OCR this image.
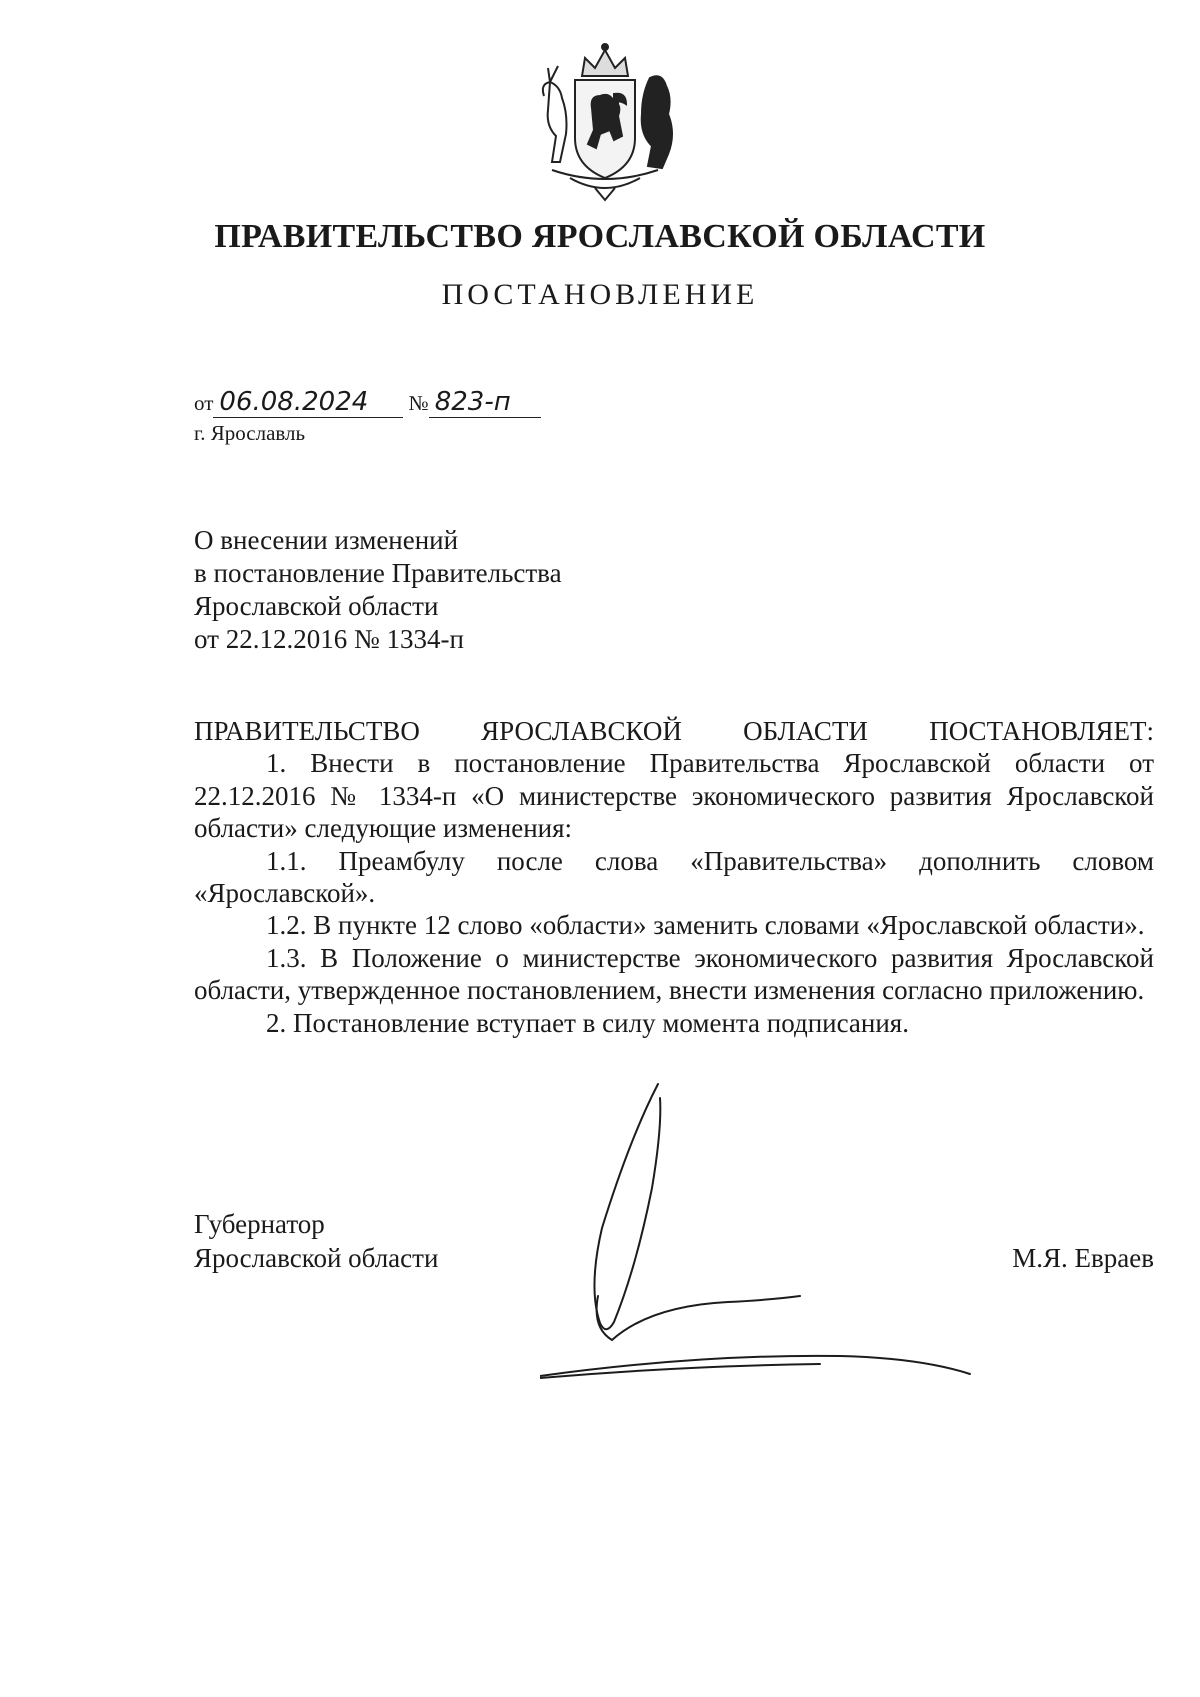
ПРАВИТЕЛЬСТВО ЯРОСЛАВСКОЙ ОБЛАСТИ
ПОСТАНОВЛЕНИЕ
от 06.08.2024 № 823-п
г. Ярославль
О внесении изменений
в постановление Правительства
Ярославской области
от 22.12.2016 № 1334-п

ПРАВИТЕЛЬСТВО ЯРОСЛАВСКОЙ ОБЛАСТИ ПОСТАНОВЛЯЕТ:

1. Внести в постановление Правительства Ярославской области от 22.12.2016 № 1334-п «О министерстве экономического развития Ярославской области» следующие изменения:

1.1. Преамбулу после слова «Правительства» дополнить словом «Ярославской».

1.2. В пункте 12 слово «области» заменить словами «Ярославской области».

1.3. В Положение о министерстве экономического развития Ярославской области, утвержденное постановлением, внести изменения согласно приложению.

2. Постановление вступает в силу момента подписания.

Губернатор
Ярославской области	М.Я. Евраев
